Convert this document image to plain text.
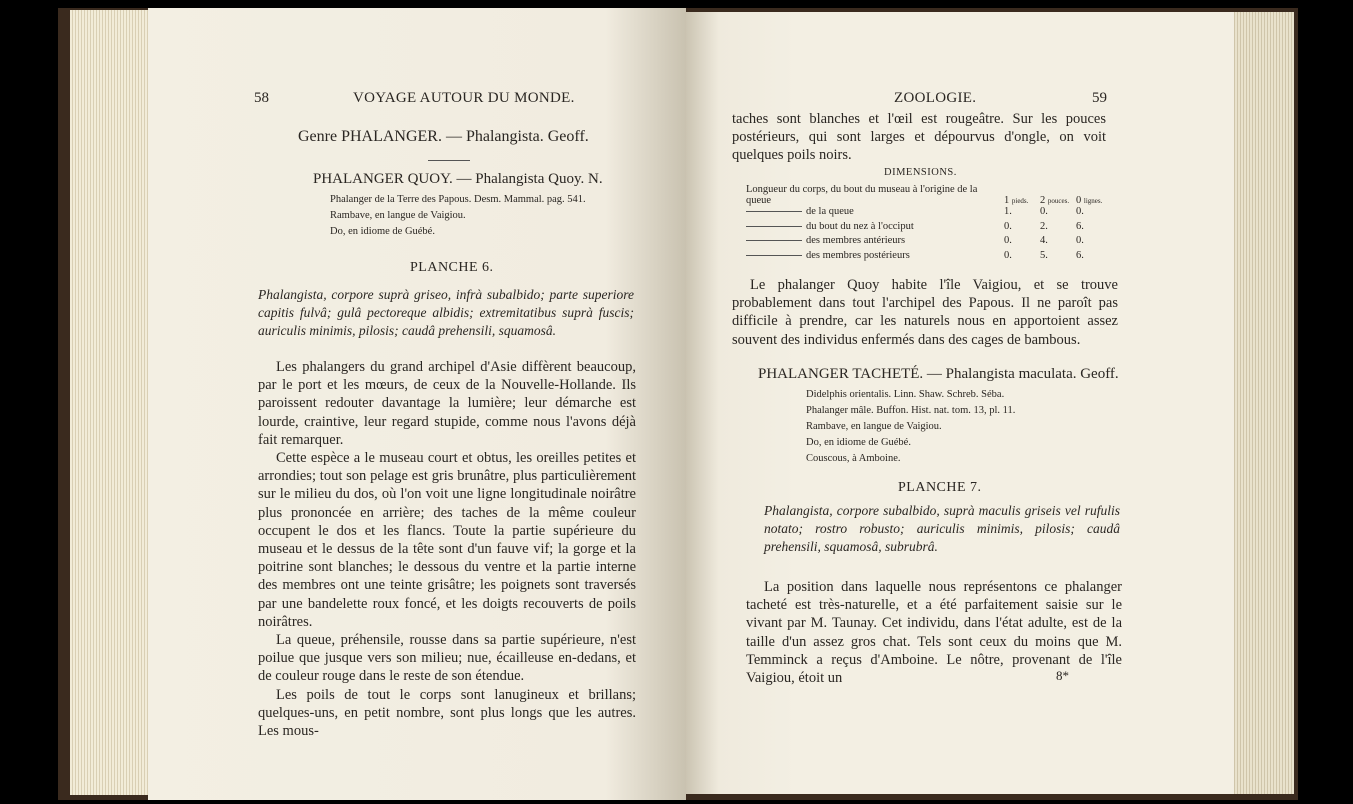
58	VOYAGE AUTOUR DU MONDE.
Genre PHALANGER. — Phalangista. Geoff.
PHALANGER QUOY. — Phalangista Quoy. N.
Phalanger de la Terre des Papous. Desm. Mammal. pag. 541.
Rambave, en langue de Vaigiou.
Do, en idiome de Guébé.
PLANCHE 6.
Phalangista, corpore suprà griseo, infrà subalbido; parte superiore capitis fulvâ; gulâ pectoreque albidis; extremitatibus suprà fuscis; auriculis minimis, pilosis; caudâ prehensili, squamosâ.

Les phalangers du grand archipel d'Asie diffèrent beaucoup, par le port et les mœurs, de ceux de la Nouvelle-Hollande. Ils paroissent redouter davantage la lumière; leur démarche est lourde, craintive, leur regard stupide, comme nous l'avons déjà fait remarquer.

Cette espèce a le museau court et obtus, les oreilles petites et arrondies; tout son pelage est gris brunâtre, plus particulièrement sur le milieu du dos, où l'on voit une ligne longitudinale noirâtre plus prononcée en arrière; des taches de la même couleur occupent le dos et les flancs. Toute la partie supérieure du museau et le dessus de la tête sont d'un fauve vif; la gorge et la poitrine sont blanches; le dessous du ventre et la partie interne des membres ont une teinte grisâtre; les poignets sont traversés par une bandelette roux foncé, et les doigts recouverts de poils noirâtres.

La queue, préhensile, rousse dans sa partie supérieure, n'est poilue que jusque vers son milieu; nue, écailleuse en-dedans, et de couleur rouge dans le reste de son étendue.

Les poils de tout le corps sont lanugineux et brillans; quelques-uns, en petit nombre, sont plus longs que les autres. Les mous-

ZOOLOGIE.	59
taches sont blanches et l'œil est rougeâtre. Sur les pouces postérieurs, qui sont larges et dépourvus d'ongle, on voit quelques poils noirs.
DIMENSIONS.
Longueur du corps, du bout du museau à l'origine de la queue	1 pieds.	2 pouces.	0 lignes.
de la queue	1.	0.	0.
du bout du nez à l'occiput	0.	2.	6.
des membres antérieurs	0.	4.	0.
des membres postérieurs	0.	5.	6.
Le phalanger Quoy habite l'île Vaigiou, et se trouve probablement dans tout l'archipel des Papous. Il ne paroît pas difficile à prendre, car les naturels nous en apportoient assez souvent des individus enfermés dans des cages de bambous.
PHALANGER TACHETÉ. — Phalangista maculata. Geoff.
Didelphis orientalis. Linn. Shaw. Schreb. Séba.
Phalanger mâle. Buffon. Hist. nat. tom. 13, pl. 11.
Rambave, en langue de Vaigiou.
Do, en idiome de Guébé.
Couscous, à Amboine.
PLANCHE 7.
Phalangista, corpore subalbido, suprà maculis griseis vel rufulis notato; rostro robusto; auriculis minimis, pilosis; caudâ prehensili, squamosâ, subrubrâ.
La position dans laquelle nous représentons ce phalanger tacheté est très-naturelle, et a été parfaitement saisie sur le vivant par M. Taunay. Cet individu, dans l'état adulte, est de la taille d'un assez gros chat. Tels sont ceux du moins que M. Temminck a reçus d'Amboine. Le nôtre, provenant de l'île Vaigiou, étoit un	8*
